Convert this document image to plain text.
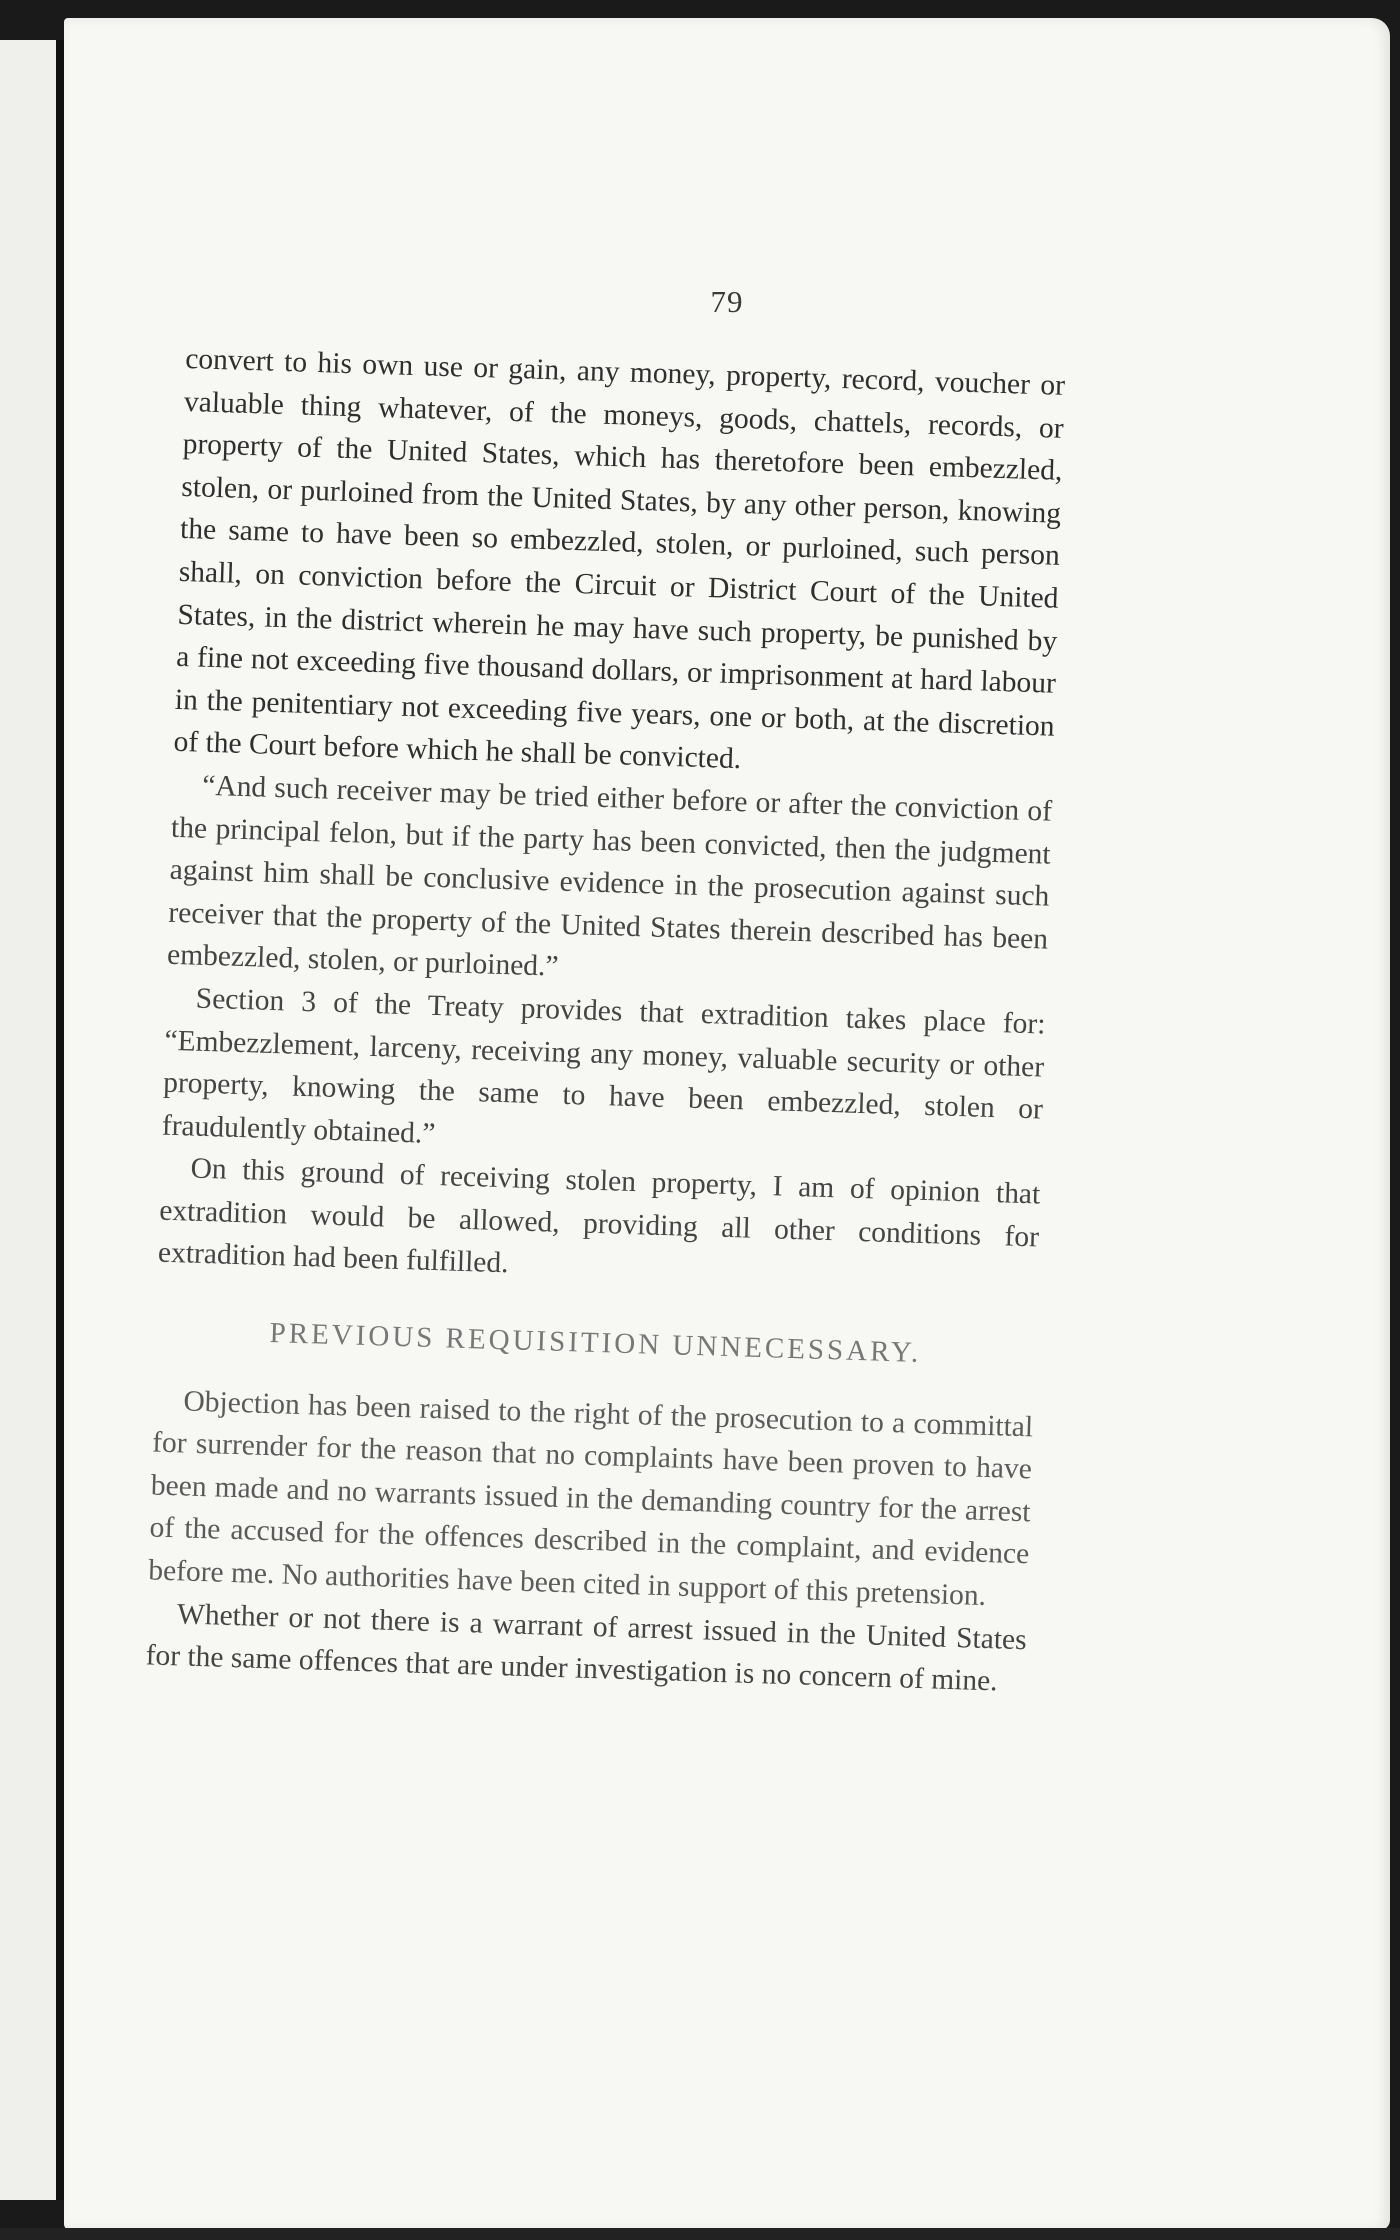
79

convert to his own use or gain, any money, property, record, voucher or valuable thing whatever, of the moneys, goods, chattels, records, or property of the United States, which has theretofore been embezzled, stolen, or purloined from the United States, by any other person, knowing the same to have been so embezzled, stolen, or purloined, such person shall, on conviction before the Circuit or District Court of the United States, in the district wherein he may have such property, be punished by a fine not exceeding five thousand dollars, or imprisonment at hard labour in the penitentiary not exceeding five years, one or both, at the discretion of the Court before which he shall be convicted.

“And such receiver may be tried either before or after the conviction of the principal felon, but if the party has been convicted, then the judgment against him shall be conclusive evidence in the prosecution against such receiver that the property of the United States therein described has been embezzled, stolen, or purloined.”

Section 3 of the Treaty provides that extradition takes place for: “Embezzlement, larceny, receiving any money, valuable security or other property, knowing the same to have been embezzled, stolen or fraudulently obtained.”

On this ground of receiving stolen property, I am of opinion that extradition would be allowed, providing all other conditions for extradition had been fulfilled.

PREVIOUS REQUISITION UNNECESSARY.

Objection has been raised to the right of the prosecution to a committal for surrender for the reason that no complaints have been proven to have been made and no warrants issued in the demanding country for the arrest of the accused for the offences described in the complaint, and evidence before me. No authorities have been cited in support of this pretension.

Whether or not there is a warrant of arrest issued in the United States for the same offences that are under investigation is no concern of mine.
